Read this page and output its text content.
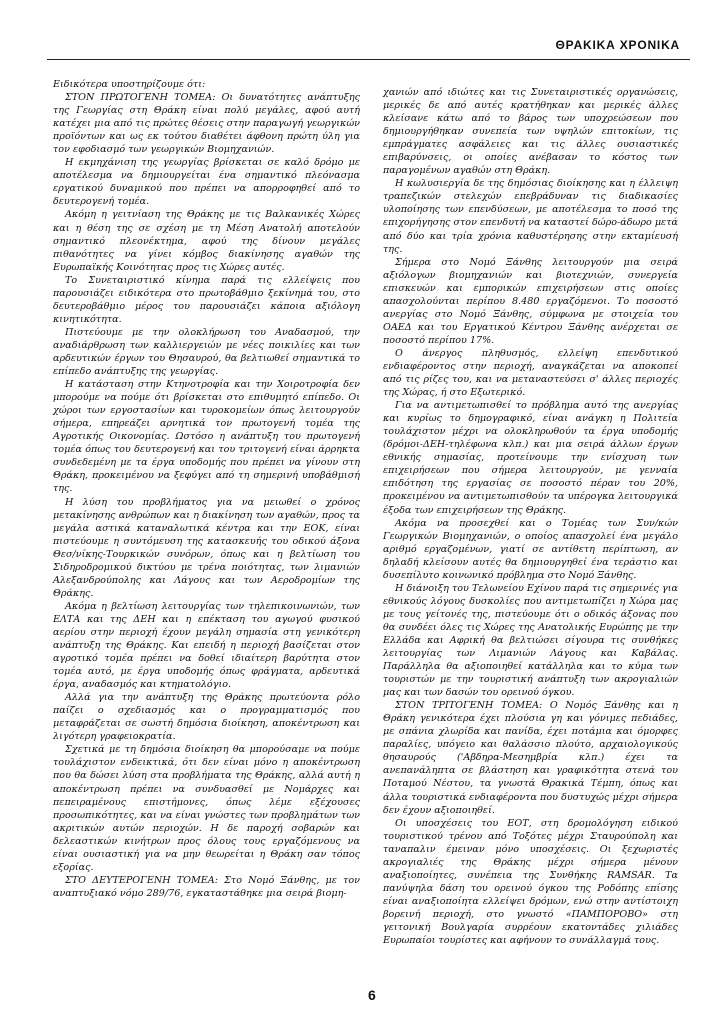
ΘΡΑΚΙΚΑ ΧΡΟΝΙΚΑ

Ειδικότερα υποστηρίζουμε ότι:

ΣΤΟΝ ΠΡΩΤΟΓΕΝΗ ΤΟΜΕΑ: Οι δυνατότητες ανάπτυξης της Γεωργίας στη Θράκη είναι πολύ μεγάλες, αφού αυτή κατέχει μια από τις πρώτες θέσεις στην παραγωγή γεωργικών προϊόντων και ως εκ τούτου διαθέτει άφθονη πρώτη ύλη για τον εφοδιασμό των γεωργικών Βιομηχανιών.

Η εκμηχάνιση της γεωργίας βρίσκεται σε καλό δρόμο με αποτέλεσμα να δημιουργείται ένα σημαντικό πλεόνασμα εργατικού δυναμικού που πρέπει να απορροφηθεί από το δευτερογενή τομέα.

Ακόμη η γειτνίαση της Θράκης με τις Βαλκανικές Χώρες και η θέση της σε σχέση με τη Μέση Ανατολή αποτελούν σημαντικό πλεονέκτημα, αφού της δίνουν μεγάλες πιθανότητες να γίνει κόμβος διακίνησης αγαθών της Ευρωπαϊκής Κοινότητας προς τις Χώρες αυτές.

Το Συνεταιριστικό κίνημα παρά τις ελλείψεις που παρουσιάζει ειδικότερα στο πρωτοβάθμιο ξεκίνημά του, στο δευτεροβάθμιο μέρος του παρουσιάζει κάποια αξιόλογη κινητικότητα.

Πιστεύουμε με την ολοκλήρωση του Αναδασμού, την αναδιάρθρωση των καλλιεργειών με νέες ποικιλίες και των αρδευτικών έργων του Θησαυρού, θα βελτιωθεί σημαντικά το επίπεδο ανάπτυξης της γεωργίας.

Η κατάσταση στην Κτηνοτροφία και την Χοιροτροφία δεν μπορούμε να πούμε ότι βρίσκεται στο επιθυμητό επίπεδο. Οι χώροι των εργοστασίων και τυροκομείων όπως λειτουργούν σήμερα, επηρεάζει αρνητικά τον πρωτογενή τομέα της Αγροτικής Οικονομίας. Ωστόσο η ανάπτυξη του πρωτογενή τομέα όπως του δευτερογενή και του τριτογενή είναι άρρηκτα συνδεδεμένη με τα έργα υποδομής που πρέπει να γίνουν στη Θράκη, προκειμένου να ξεφύγει από τη σημερινή υποβάθμισή της.

Η λύση του προβλήματος για να μειωθεί ο χρόνος μετακίνησης ανθρώπων και η διακίνηση των αγαθών, προς τα μεγάλα αστικά καταναλωτικά κέντρα και την ΕΟΚ, είναι πιστεύουμε η συντόμευση της κατασκευής του οδικού άξονα Θεσ/νίκης-Τουρκικών συνόρων, όπως και η βελτίωση του Σιδηροδρομικού δικτύου με τρένα ποιότητας, των λιμανιών Αλεξανδρούπολης και Λάγους και των Αεροδρομίων της Θράκης.

Ακόμα η βελτίωση λειτουργίας των τηλεπικοινωνιών, των ΕΛΤΑ και της ΔΕΗ και η επέκταση του αγωγού φυσικού αερίου στην περιοχή έχουν μεγάλη σημασία στη γενικότερη ανάπτυξη της Θράκης. Και επειδή η περιοχή βασίζεται στον αγροτικό τομέα πρέπει να δοθεί ιδιαίτερη βαρύτητα στον τομέα αυτό, με έργα υποδομής όπως φράγματα, αρδευτικά έργα, αναδασμός και κτηματολόγιο.

Αλλά για την ανάπτυξη της Θράκης πρωτεύοντα ρόλο παίζει ο σχεδιασμός και ο προγραμματισμός που μεταφράζεται σε σωστή δημόσια διοίκηση, αποκέντρωση και λιγότερη γραφειοκρατία.

Σχετικά με τη δημόσια διοίκηση θα μπορούσαμε να πούμε τουλάχιστον ενδεικτικά, ότι δεν είναι μόνο η αποκέντρωση που θα δώσει λύση στα προβλήματα της Θράκης, αλλά αυτή η αποκέντρωση πρέπει να συνδυασθεί με Νομάρχες και πεπειραμένους επιστήμονες, όπως λέμε εξέχουσες προσωπικότητες, και να είναι γνώστες των προβλημάτων των ακριτικών αυτών περιοχών. Η δε παροχή σοβαρών και δελεαστικών κινήτρων προς όλους τους εργαζόμενους να είναι ουσιαστική για να μην θεωρείται η Θράκη σαν τόπος εξορίας.

ΣΤΟ ΔΕΥΤΕΡΟΓΕΝΗ ΤΟΜΕΑ: Στο Νομό Ξάνθης, με τον αναπτυξιακό νόμο 289/76, εγκαταστάθηκε μια σειρά βιομη-

χανιών από ιδιώτες και τις Συνεταιριστικές οργανώσεις, μερικές δε από αυτές κρατήθηκαν και μερικές άλλες κλείσανε κάτω από το βάρος των υποχρεώσεων που δημιουργήθηκαν συνεπεία των υψηλών επιτοκίων, τις εμπράγματες ασφάλειες και τις άλλες ουσιαστικές επιβαρύνσεις, οι οποίες ανέβασαν το κόστος των παραγομένων αγαθών στη Θράκη.

Η κωλυσιεργία δε της δημόσιας διοίκησης και η έλλειψη τραπεζικών στελεχών επεβράδυναν τις διαδικασίες υλοποίησης των επενδύσεων, με αποτέλεσμα το ποσό της επιχορήγησης στον επενδυτή να καταστεί δώρο-άδωρο μετά από δύο και τρία χρόνια καθυστέρησης στην εκταμίευσή της.

Σήμερα στο Νομό Ξάνθης λειτουργούν μια σειρά αξιόλογων βιομηχανιών και βιοτεχνιών, συνεργεία επισκευών και εμπορικών επιχειρήσεων στις οποίες απασχολούνται περίπου 8.480 εργαζόμενοι. Το ποσοστό ανεργίας στο Νομό Ξάνθης, σύμφωνα με στοιχεία του ΟΑΕΔ και του Εργατικού Κέντρου Ξάνθης ανέρχεται σε ποσοστό περίπου 17%.

Ο άνεργος πληθυσμός, ελλείψη επενδυτικού ενδιαφέροντος στην περιοχή, αναγκάζεται να αποκοπεί από τις ρίζες του, και να μεταναστεύσει σ' άλλες περιοχές της Χώρας, ή στο Εξωτερικό.

Για να αντιμετωπισθεί το πρόβλημα αυτό της ανεργίας και κυρίως το δημογραφικό, είναι ανάγκη η Πολιτεία τουλάχιστον μέχρι να ολοκληρωθούν τα έργα υποδομής (δρόμοι-ΔΕΗ-τηλέφωνα κλπ.) και μια σειρά άλλων έργων εθνικής σημασίας, προτείνουμε την ενίσχυση των επιχειρήσεων που σήμερα λειτουργούν, με γενναία επιδότηση της εργασίας σε ποσοστό πέραν του 20%, προκειμένου να αντιμετωπισθούν τα υπέρογκα λειτουργικά έξοδα των επιχειρήσεων της Θράκης.

Ακόμα να προσεχθεί και ο Τομέας των Συν/κών Γεωργικών Βιομηχανιών, ο οποίος απασχολεί ένα μεγάλο αριθμό εργαζομένων, γιατί σε αντίθετη περίπτωση, αν δηλαδή κλείσουν αυτές θα δημιουργηθεί ένα τεράστιο και δυσεπίλυτο κοινωνικό πρόβλημα στο Νομό Ξάνθης.

Η διάνοιξη του Τελωνείου Εχίνου παρά τις σημερινές για εθνικούς λόγους δυσκολίες που αντιμετωπίζει η Χώρα μας με τους γείτονές της, πιστεύουμε ότι ο οδικός άξονας που θα συνδέει όλες τις Χώρες της Ανατολικής Ευρώπης με την Ελλάδα και Αφρική θα βελτιώσει σίγουρα τις συνθήκες λειτουργίας των Λιμανιών Λάγους και Καβάλας. Παράλληλα θα αξιοποιηθεί κατάλληλα και το κύμα των τουριστών με την τουριστική ανάπτυξη των ακρογιαλιών μας και των δασών του ορεινού όγκου.

ΣΤΟΝ ΤΡΙΤΟΓΕΝΗ ΤΟΜΕΑ: Ο Νομός Ξάνθης και η Θράκη γενικότερα έχει πλούσια γη και γόνιμες πεδιάδες, με σπάνια χλωρίδα και πανίδα, έχει ποτάμια και όμορφες παραλίες, υπόγειο και θαλάσσιο πλούτο, αρχαιολογικούς θησαυρούς ('Αβδηρα-Μεσημβρία κλπ.) έχει τα ανεπανάληπτα σε βλάστηση και γραφικότητα στενά του Ποταμού Νέστου, τα γνωστά Θρακικά Τέμπη, όπως και άλλα τουριστικά ενδιαφέροντα που δυστυχώς μέχρι σήμερα δεν έχουν αξιοποιηθεί.

Οι υποσχέσεις του ΕΟΤ, στη δρομολόγηση ειδικού τουριστικού τρένου από Τοξότες μέχρι Σταυρούπολη και ταναπαλιν έμειναν μόνο υποσχέσεις. Οι ξεχωριστές ακρογιαλιές της Θράκης μέχρι σήμερα μένουν αναξιοποίητες, συνέπεια της Συνθήκης RAMSAR. Τα πανύψηλα δάση του ορεινού όγκου της Ροδόπης επίσης είναι αναξιοποίητα ελλείψει δρόμων, ενώ στην αντίστοιχη βορεινή περιοχή, στο γνωστό «ΠΑΜΠΟΡΟΒΟ» στη γειτονική Βουλγαρία συρρέουν εκατοντάδες χιλιάδες Ευρωπαίοι τουρίστες και αφήνουν το συνάλλαγμά τους.

6
